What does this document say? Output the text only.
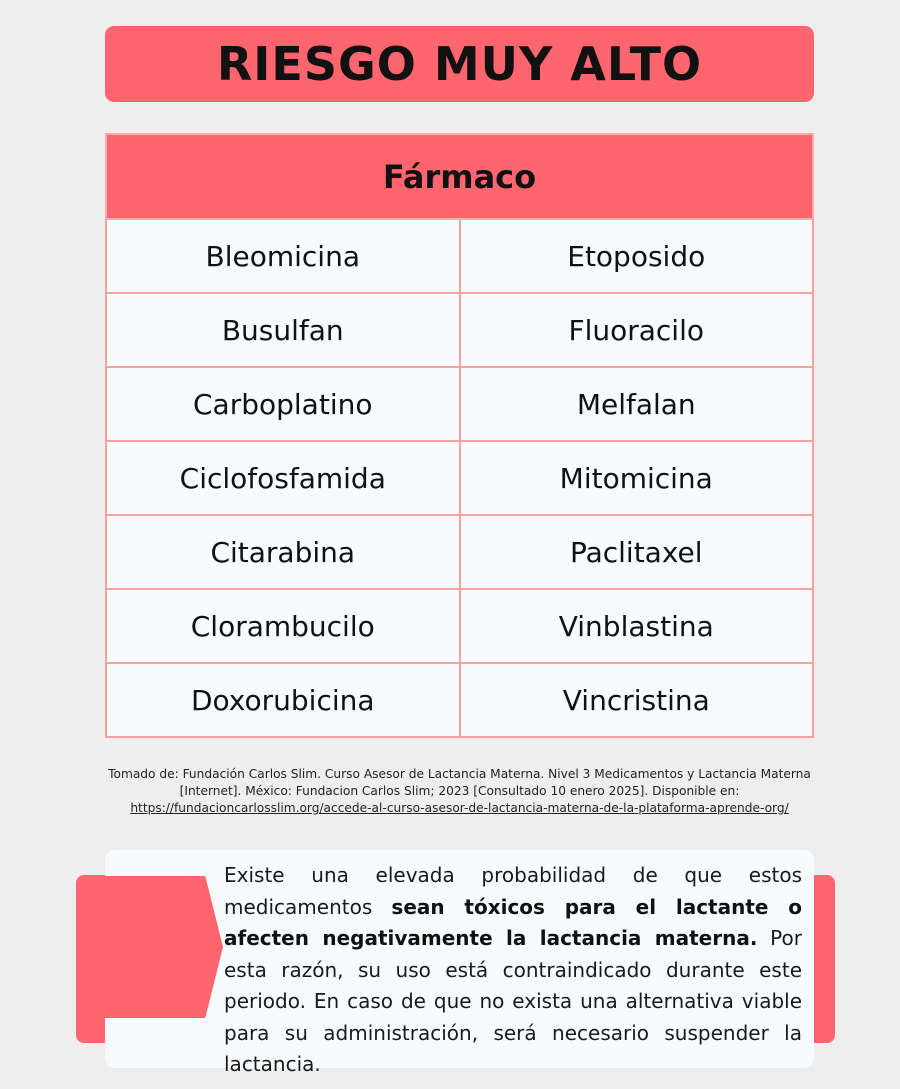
RIESGO MUY ALTO
Fármaco	
Bleomicina	Etoposido
Busulfan	Fluoracilo
Carboplatino	Melfalan
Ciclofosfamida	Mitomicina
Citarabina	Paclitaxel
Clorambucilo	Vinblastina
Doxorubicina	Vincristina
Tomado de: Fundación Carlos Slim. Curso Asesor de Lactancia Materna. Nivel 3 Medicamentos y Lactancia Materna [Internet]. México: Fundacion Carlos Slim; 2023 [Consultado 10 enero 2025]. Disponible en:
https://fundacioncarlosslim.org/accede-al-curso-asesor-de-lactancia-materna-de-la-plataforma-aprende-org/

Existe una elevada probabilidad de que estos medicamentos sean tóxicos para el lactante o afecten negativamente la lactancia materna. Por esta razón, su uso está contraindicado durante este periodo. En caso de que no exista una alternativa viable para su administración, será necesario suspender la lactancia.
